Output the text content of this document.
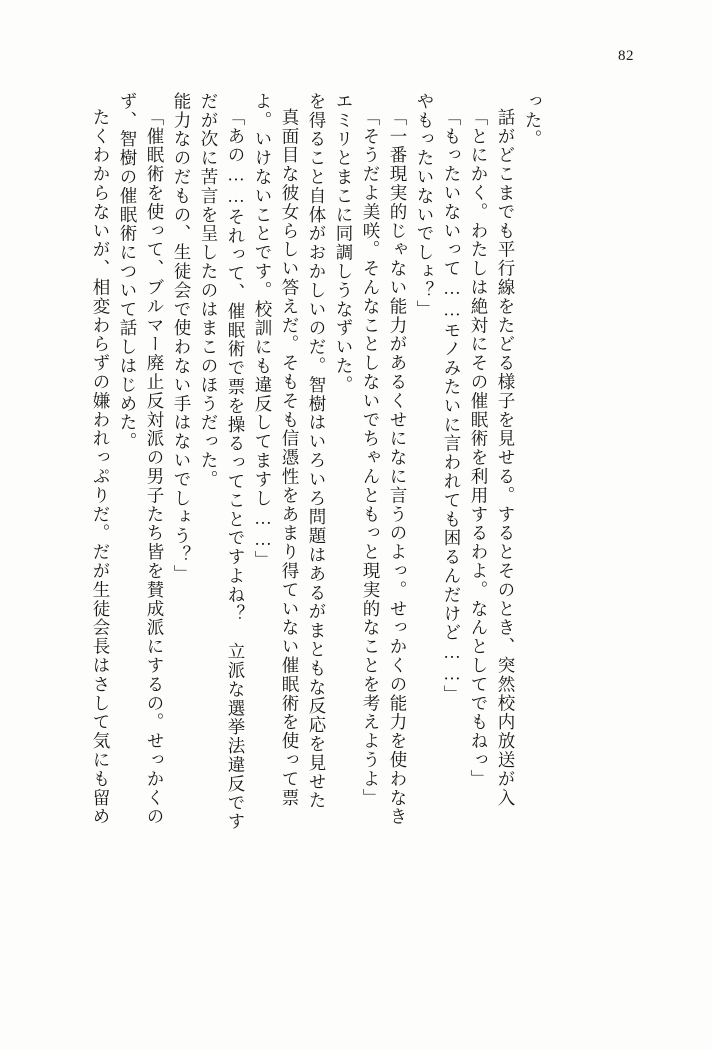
82
たくわからないが、相変わらずの嫌われっぷりだ。だが生徒会長はさして気にも留め ず、智樹の催眠術について話しはじめた。 「催眠術を使って、ブルマー廃止反対派の男子たち皆を賛成派にするの。せっかくの 能力なのだもの、生徒会で使わない手はないでしょう？」 だが次に苦言を呈したのはまこのほうだった。 「あの……それって、催眠術で票を操るってことですよね？　立派な選挙法違反です よ。いけないことです。校訓にも違反してますし……」 真面目な彼女らしい答えだ。そもそも信憑性をあまり得ていない催眠術を使って票 を得ること自体がおかしいのだ。智樹はいろいろ問題はあるがまともな反応を見せた エミリとまこに同調しうなずいた。 「そうだよ美咲。そんなことしないでちゃんともっと現実的なことを考えようよ」 「一番現実的じゃない能力があるくせになに言うのよっ。せっかくの能力を使わなき やもったいないでしょ？」 「もったいないって……モノみたいに言われても困るんだけど……」 「とにかく。わたしは絶対にその催眠術を利用するわよ。なんとしてでもねっ」 話がどこまでも平行線をたどる様子を見せる。するとそのとき、突然校内放送が入 った。
